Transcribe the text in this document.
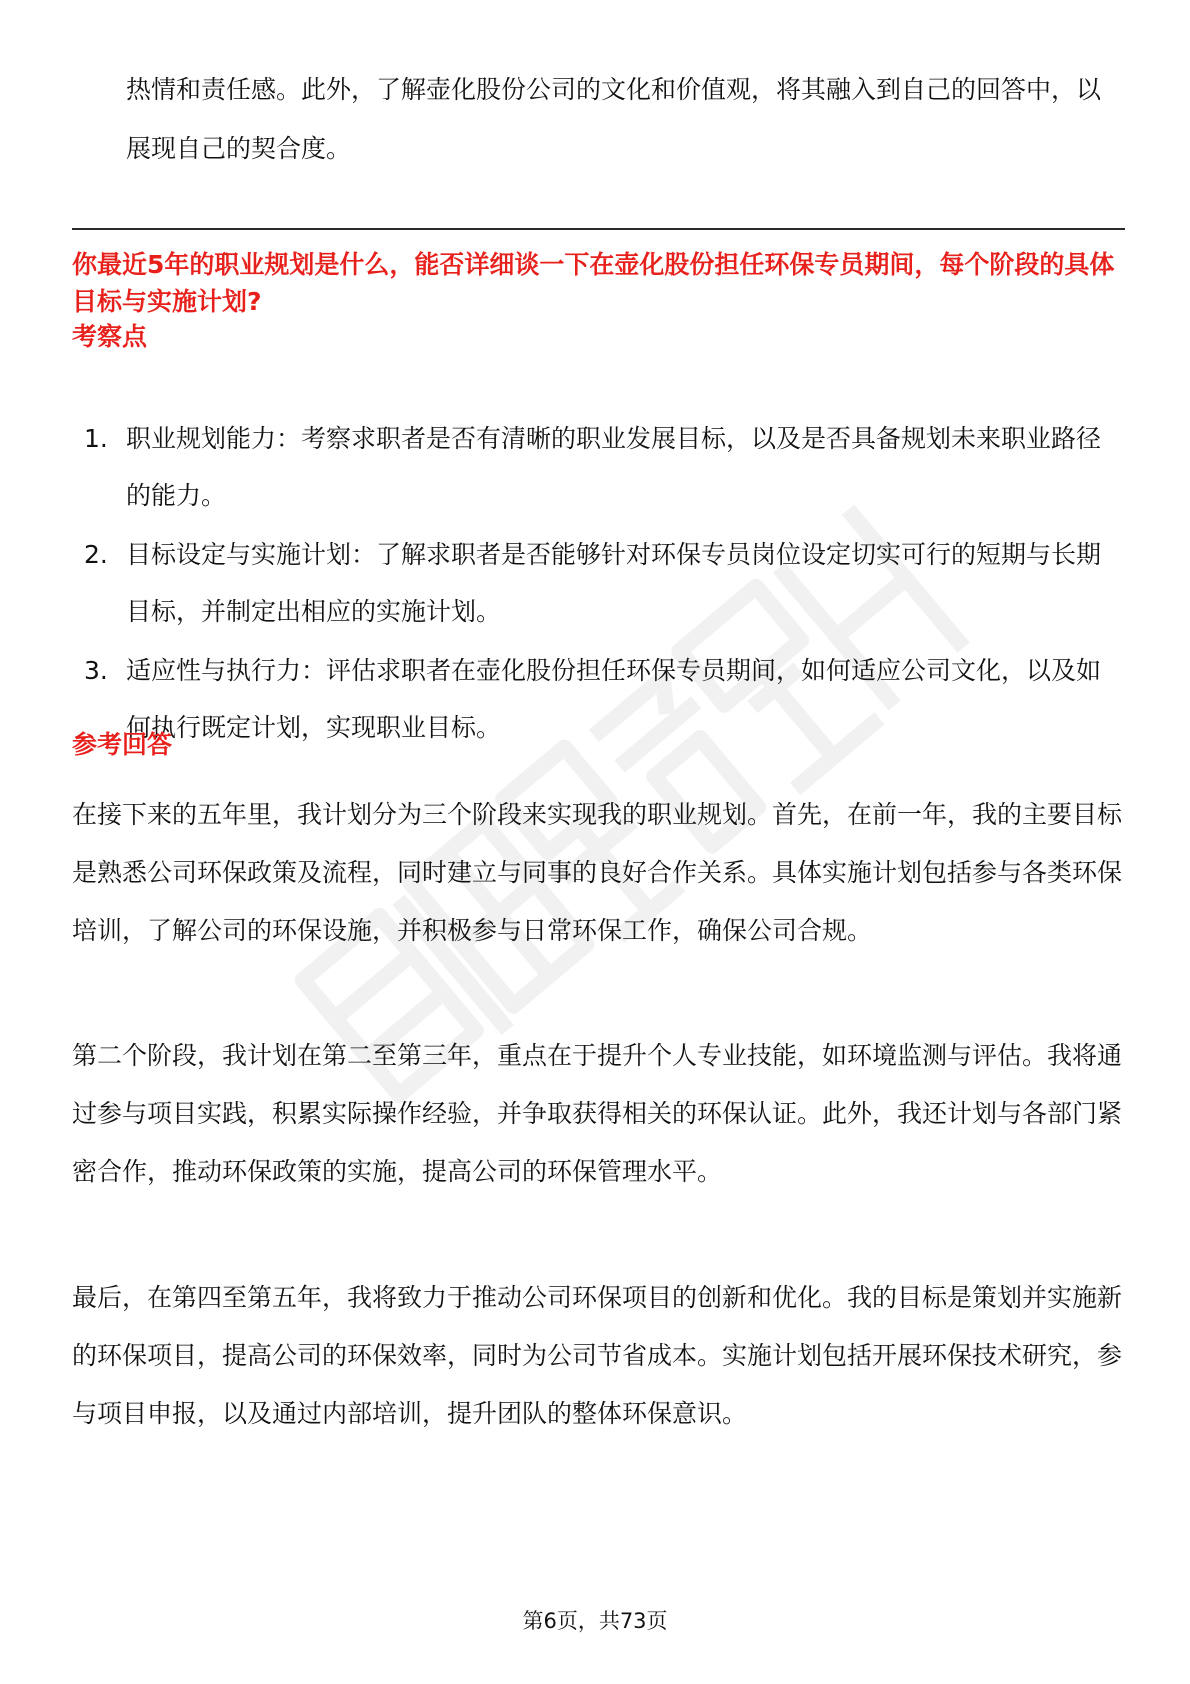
热情和责任感。此外，了解壶化股份公司的文化和价值观，将其融入到自己的回答中，以展现自己的契合度。

你最近5年的职业规划是什么，能否详细谈一下在壶化股份担任环保专员期间，每个阶段的具体目标与实施计划?

考察点
1. 职业规划能力：考察求职者是否有清晰的职业发展目标，以及是否具备规划未来职业路径的能力。
2. 目标设定与实施计划：了解求职者是否能够针对环保专员岗位设定切实可行的短期与长期目标，并制定出相应的实施计划。
3. 适应性与执行力：评估求职者在壶化股份担任环保专员期间，如何适应公司文化，以及如何执行既定计划，实现职业目标。
参考回答

在接下来的五年里，我计划分为三个阶段来实现我的职业规划。首先，在前一年，我的主要目标是熟悉公司环保政策及流程，同时建立与同事的良好合作关系。具体实施计划包括参与各类环保培训，了解公司的环保设施，并积极参与日常环保工作，确保公司合规。

第二个阶段，我计划在第二至第三年，重点在于提升个人专业技能，如环境监测与评估。我将通过参与项目实践，积累实际操作经验，并争取获得相关的环保认证。此外，我还计划与各部门紧密合作，推动环保政策的实施，提高公司的环保管理水平。

最后，在第四至第五年，我将致力于推动公司环保项目的创新和优化。我的目标是策划并实施新的环保项目，提高公司的环保效率，同时为公司节省成本。实施计划包括开展环保技术研究，参与项目申报，以及通过内部培训，提升团队的整体环保意识。

第6页，共73页
